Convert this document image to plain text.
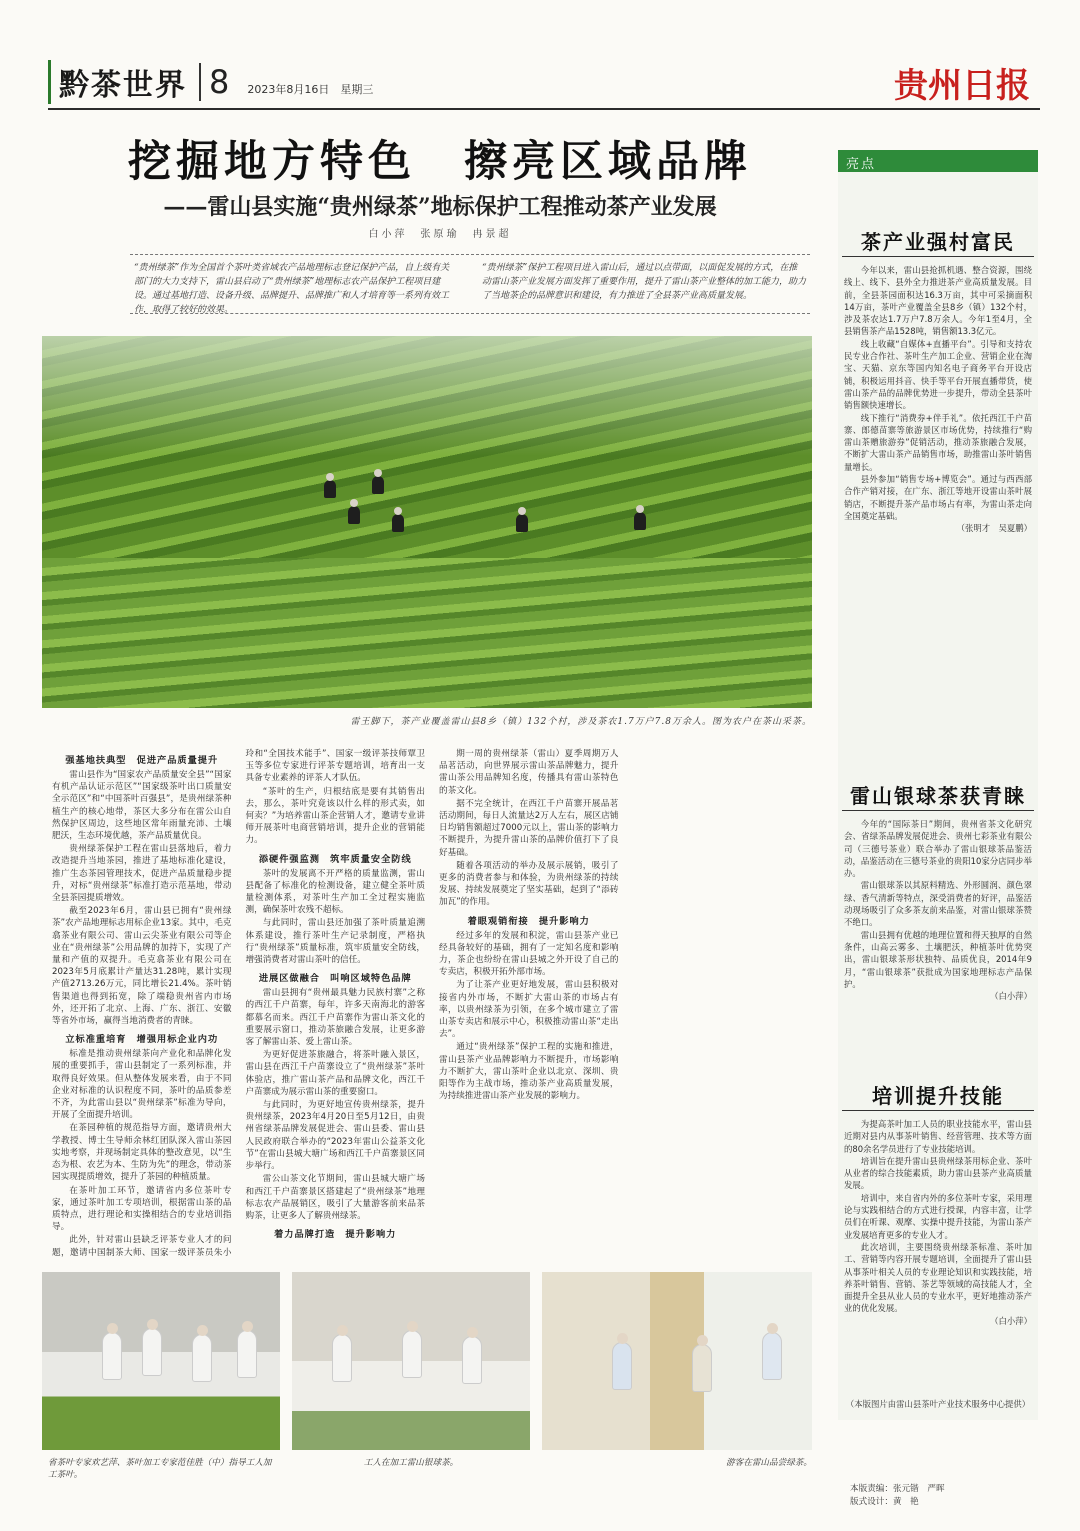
黔茶世界 8 2023年8月16日　星期三	贵州日报
挖掘地方特色　擦亮区域品牌
——雷山县实施“贵州绿茶”地标保护工程推动茶产业发展
白小萍　张原瑜　冉景超

“贵州绿茶”作为全国首个茶叶类省域农产品地理标志登记保护产品，自上级有关部门的大力支持下，雷山县启动了“贵州绿茶”地理标志农产品保护工程项目建设。通过基地打造、设备升级、品牌提升、品牌推广和人才培育等一系列有效工作，取得了较好的效果。

“贵州绿茶”保护工程项目进入雷山后，通过以点带面，以面促发展的方式，在推动雷山茶产业发展方面发挥了重要作用，提升了雷山茶产业整体的加工能力，助力了当地茶企的品牌意识和建设，有力推进了全县茶产业高质量发展。

雷王脚下，茶产业覆盖雷山县8乡（镇）132个村，涉及茶农1.7万户7.8万余人。图为农户在茶山采茶。
强基地扶典型　促进产品质量提升

雷山县作为“国家农产品质量安全县”“国家有机产品认证示范区”“国家级茶叶出口质量安全示范区”和“中国茶叶百强县”，是贵州绿茶种植生产的核心地带，茶区大多分布在雷公山自然保护区周边，这些地区常年雨量充沛、土壤肥沃，生态环境优越，茶产品质量优良。

贵州绿茶保护工程在雷山县落地后，着力改造提升当地茶园，推进了基地标准化建设，推广生态茶园管理技术，促进产品质量稳步提升，对标“贵州绿茶”标准打造示范基地，带动全县茶园提质增效。

截至2023年6月，雷山县已拥有“贵州绿茶”农产品地理标志用标企业13家。其中，毛克翕茶业有限公司、雷山云尖茶业有限公司等企业在“贵州绿茶”公用品牌的加持下，实现了产量和产值的双提升。毛克翕茶业有限公司在2023年5月底累计产量达31.28吨，累计实现产值2713.26万元，同比增长21.4%。茶叶销售渠道也得到拓宽，除了端稳贵州省内市场外，还开拓了北京、上海、广东、浙江、安徽等省外市场，赢得当地消费者的青睐。

立标准重培育　增强用标企业内功

标准是推动贵州绿茶向产业化和品牌化发展的重要抓手，雷山县制定了一系列标准，并取得良好效果。但从整体发展来看，由于不同企业对标准的认识程度不同，茶叶的品质参差不齐，为此雷山县以“贵州绿茶”标准为导向，开展了全面提升培训。

在茶园种植的规范指导方面，邀请贵州大学教授、博士生导师余林红团队深入雷山茶园实地考察，并现场制定具体的整改意见，以“生态为根、农艺为本、生防为先”的理念，带动茶园实现提质增效，提升了茶园的种植质量。

在茶叶加工环节，邀请省内多位茶叶专家，通过茶叶加工专项培训，根据雷山茶的品质特点，进行理论和实操相结合的专业培训指导。

此外，针对雷山县缺乏评茶专业人才的问题，邀请中国制茶大师、国家一级评茶员朱小玲和“全国技术能手”、国家一级评茶技师覃卫玉等多位专家进行评茶专题培训，培育出一支具备专业素养的评茶人才队伍。

“茶叶的生产，归根结底是要有其销售出去，那么，茶叶究竟该以什么样的形式卖，如何卖？”为培养雷山茶企营销人才，邀请专业讲师开展茶叶电商营销培训，提升企业的营销能力。

添硬件强监测　筑牢质量安全防线

茶叶的发展离不开严格的质量监测，雷山县配备了标准化的检测设备，建立健全茶叶质量检测体系，对茶叶生产加工全过程实施监测，确保茶叶农残不超标。

与此同时，雷山县还加强了茶叶质量追溯体系建设，推行茶叶生产记录制度，严格执行“贵州绿茶”质量标准，筑牢质量安全防线，增强消费者对雷山茶叶的信任。

进展区做融合　叫响区域特色品牌

雷山县拥有“贵州最具魅力民族村寨”之称的西江千户苗寨，每年，许多天南海北的游客都慕名而来。西江千户苗寨作为雷山茶文化的重要展示窗口，推动茶旅融合发展，让更多游客了解雷山茶、爱上雷山茶。

为更好促进茶旅融合，将茶叶融入景区，雷山县在西江千户苗寨设立了“贵州绿茶”茶叶体验店，推广雷山茶产品和品牌文化，西江千户苗寨成为展示雷山茶的重要窗口。

与此同时，为更好地宣传贵州绿茶，提升贵州绿茶，2023年4月20日至5月12日，由贵州省绿茶品牌发展促进会、雷山县委、雷山县人民政府联合举办的“2023年雷山公益茶文化节”在雷山县城大塘广场和西江千户苗寨景区同步举行。

雷公山茶文化节期间，雷山县城大塘广场和西江千户苗寨景区搭建起了“贵州绿茶”地理标志农产品展销区，吸引了大量游客前来品茶购茶，让更多人了解贵州绿茶。

着力品牌打造　提升影响力

期一周的贵州绿茶（雷山）夏季周期万人品茗活动，向世界展示雷山茶品牌魅力，提升雷山茶公用品牌知名度，传播具有雷山茶特色的茶文化。

据不完全统计，在西江千户苗寨开展品茗活动期间，每日人流量达2万人左右，展区店铺日均销售额超过7000元以上，雷山茶的影响力不断提升，为提升雷山茶的品牌价值打下了良好基础。

随着各项活动的举办及展示展销，吸引了更多的消费者参与和体验，为贵州绿茶的持续发展、持续发展奠定了坚实基础，起到了“添砖加瓦”的作用。

着眼观销衔接　提升影响力

经过多年的发展和积淀，雷山县茶产业已经具备较好的基础，拥有了一定知名度和影响力，茶企也纷纷在雷山县城之外开设了自己的专卖店，积极开拓外部市场。

为了让茶产业更好地发展，雷山县积极对接省内外市场，不断扩大雷山茶的市场占有率，以贵州绿茶为引领，在多个城市建立了雷山茶专卖店和展示中心，积极推动雷山茶“走出去”。

通过“贵州绿茶”保护工程的实施和推进，雷山县茶产业品牌影响力不断提升，市场影响力不断扩大，雷山茶叶企业以北京、深圳、贵阳等作为主战市场，推动茶产业高质量发展，为持续推进雷山茶产业发展的影响力。

茶产业强村富民

今年以来，雷山县抢抓机遇、整合资源，围绕线上、线下、县外全力推进茶产业高质量发展。目前，全县茶园面积达16.3万亩，其中可采摘面积14万亩，茶叶产业覆盖全县8乡（镇）132个村，涉及茶农达1.7万户7.8万余人。今年1至4月，全县销售茶产品1528吨，销售额13.3亿元。

线上收藏“自媒体+直播平台”。引导和支持农民专业合作社、茶叶生产加工企业、营销企业在淘宝、天猫、京东等国内知名电子商务平台开设店铺，积极运用抖音、快手等平台开展直播带货，使雷山茶产品的品牌优势进一步提升，带动全县茶叶销售额快速增长。

线下推行“消费券+伴手礼”。依托西江千户苗寨、郎德苗寨等旅游景区市场优势，持续推行“购雷山茶赠旅游券”促销活动，推动茶旅融合发展，不断扩大雷山茶产品销售市场，助推雷山茶叶销售量增长。

县外参加“销售专场+博览会”。通过与西西部合作产销对接，在广东、浙江等地开设雷山茶叶展销店，不断提升茶产品市场占有率，为雷山茶走向全国奠定基础。

（张明才　吴夏鹏）

雷山银球茶获青睐

今年的“国际茶日”期间，贵州省茶文化研究会、省绿茶品牌发展促进会、贵州七彩茶业有限公司（三德号茶业）联合举办了雷山银球茶品鉴活动，品鉴活动在三德号茶业的贵阳10家分店同步举办。

雷山银球茶以其原料精选、外形圆润、颜色翠绿、香气清新等特点，深受消费者的好评，品鉴活动现场吸引了众多茶友前来品鉴，对雷山银球茶赞不绝口。

雷山县拥有优越的地理位置和得天独厚的自然条件，山高云雾多、土壤肥沃，种植茶叶优势突出，雷山银球茶形状独特、品质优良，2014年9月，“雷山银球茶”获批成为国家地理标志产品保护。

（白小萍）

培训提升技能

为提高茶叶加工人员的职业技能水平，雷山县近期对县内从事茶叶销售、经营管理、技术等方面的80余名学员进行了专业技能培训。

培训旨在提升雷山县贵州绿茶用标企业、茶叶从业者的综合技能素质，助力雷山县茶产业高质量发展。

培训中，来自省内外的多位茶叶专家，采用理论与实践相结合的方式进行授课，内容丰富，让学员们在听课、观摩、实操中提升技能，为雷山茶产业发展培育更多的专业人才。

此次培训，主要围绕贵州绿茶标准、茶叶加工、营销等内容开展专题培训，全面提升了雷山县从事茶叶相关人员的专业理论知识和实践技能，培养茶叶销售、营销、茶艺等领域的高技能人才，全面提升全县从业人员的专业水平，更好地推动茶产业的优化发展。

（白小萍）

（本版图片由雷山县茶叶产业技术服务中心提供）
亮点
省茶叶专家欢艺萍、茶叶加工专家范佳胜（中）指导工人加工茶叶。
工人在加工雷山银球茶。	游客在雷山品尝绿茶。
本版责编：张元锴　严晖
版式设计：黄　艳
